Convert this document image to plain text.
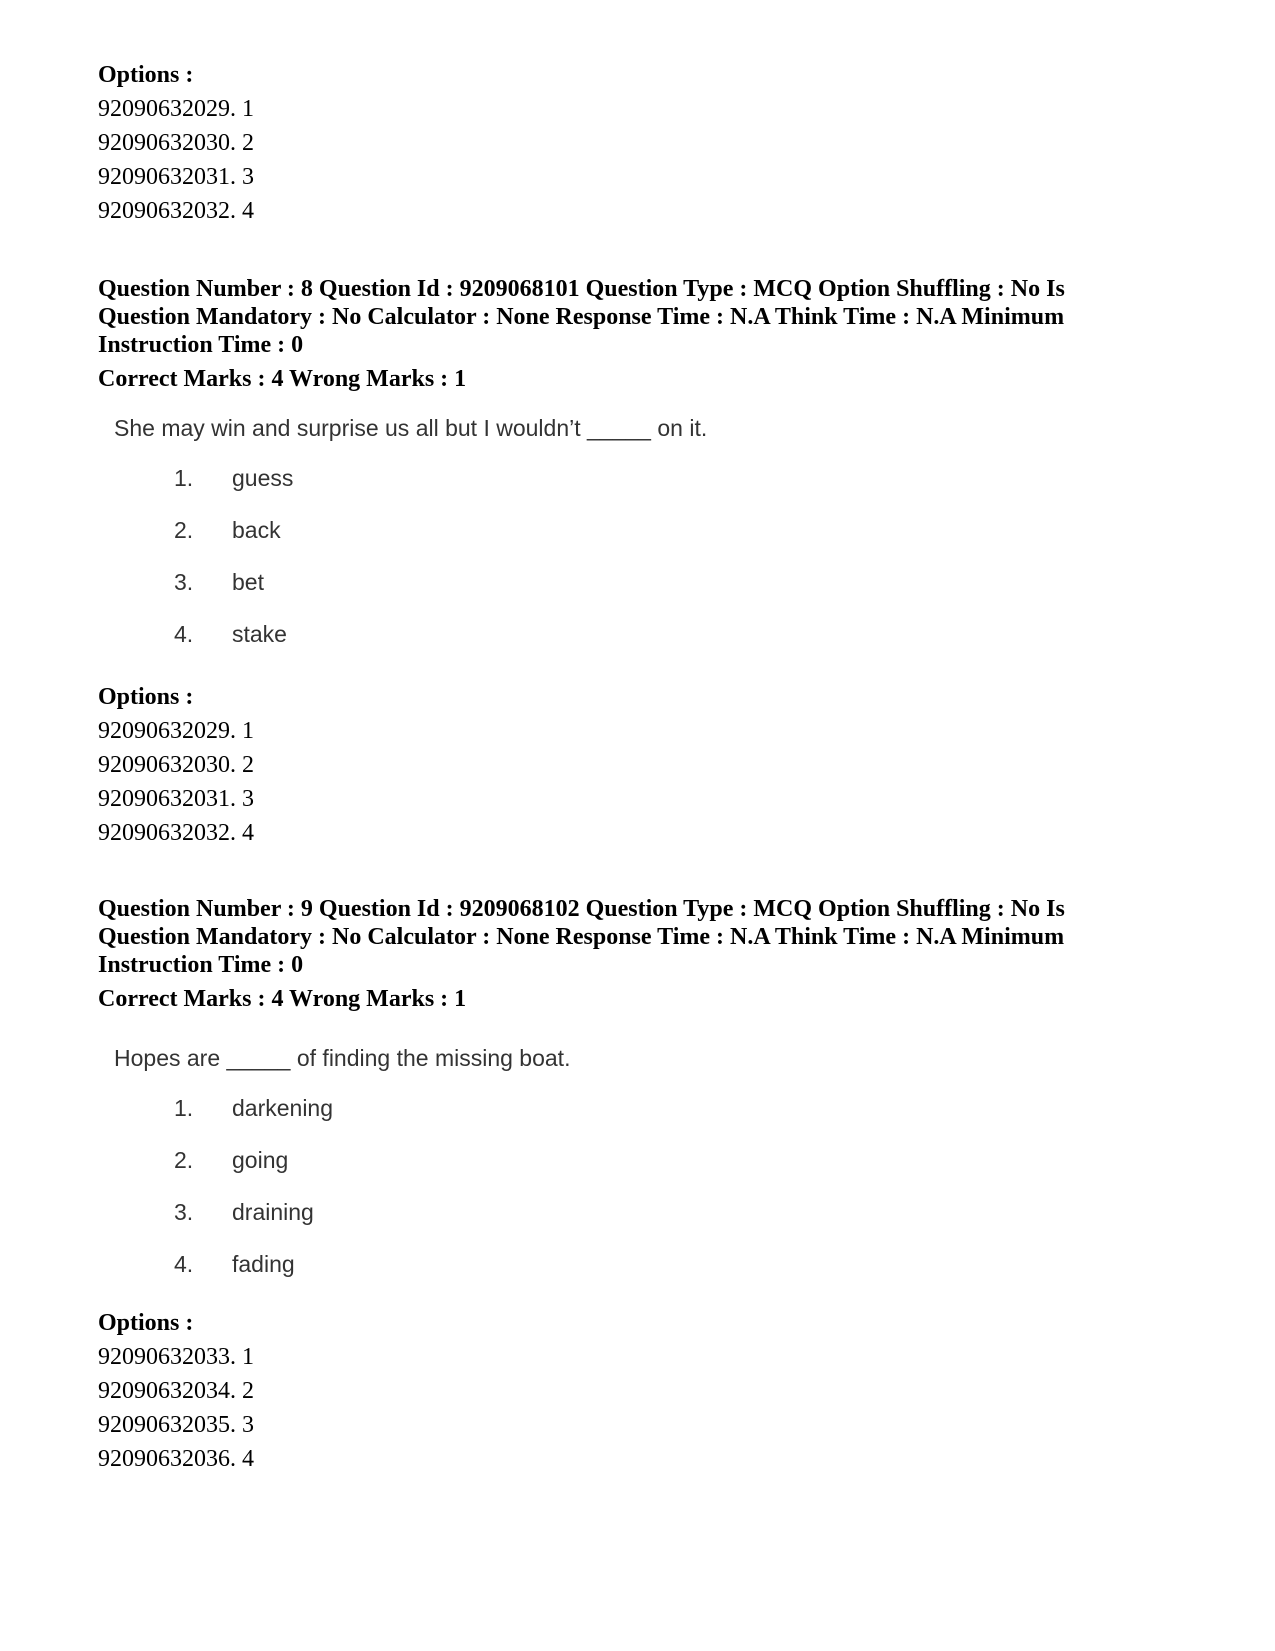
Options :
92090632029. 1
92090632030. 2
92090632031. 3
92090632032. 4
Question Number : 8 Question Id : 9209068101 Question Type : MCQ Option Shuffling : No Is Question Mandatory : No Calculator : None Response Time : N.A Think Time : N.A Minimum Instruction Time : 0
Correct Marks : 4 Wrong Marks : 1
She may win and surprise us all but I wouldn’t _____ on it.
1.	guess
2.	back
3.	bet
4.	stake
Options :
92090632029. 1
92090632030. 2
92090632031. 3
92090632032. 4
Question Number : 9 Question Id : 9209068102 Question Type : MCQ Option Shuffling : No Is Question Mandatory : No Calculator : None Response Time : N.A Think Time : N.A Minimum Instruction Time : 0
Correct Marks : 4 Wrong Marks : 1
Hopes are _____ of finding the missing boat.
1.	darkening
2.	going
3.	draining
4.	fading
Options :
92090632033. 1
92090632034. 2
92090632035. 3
92090632036. 4
